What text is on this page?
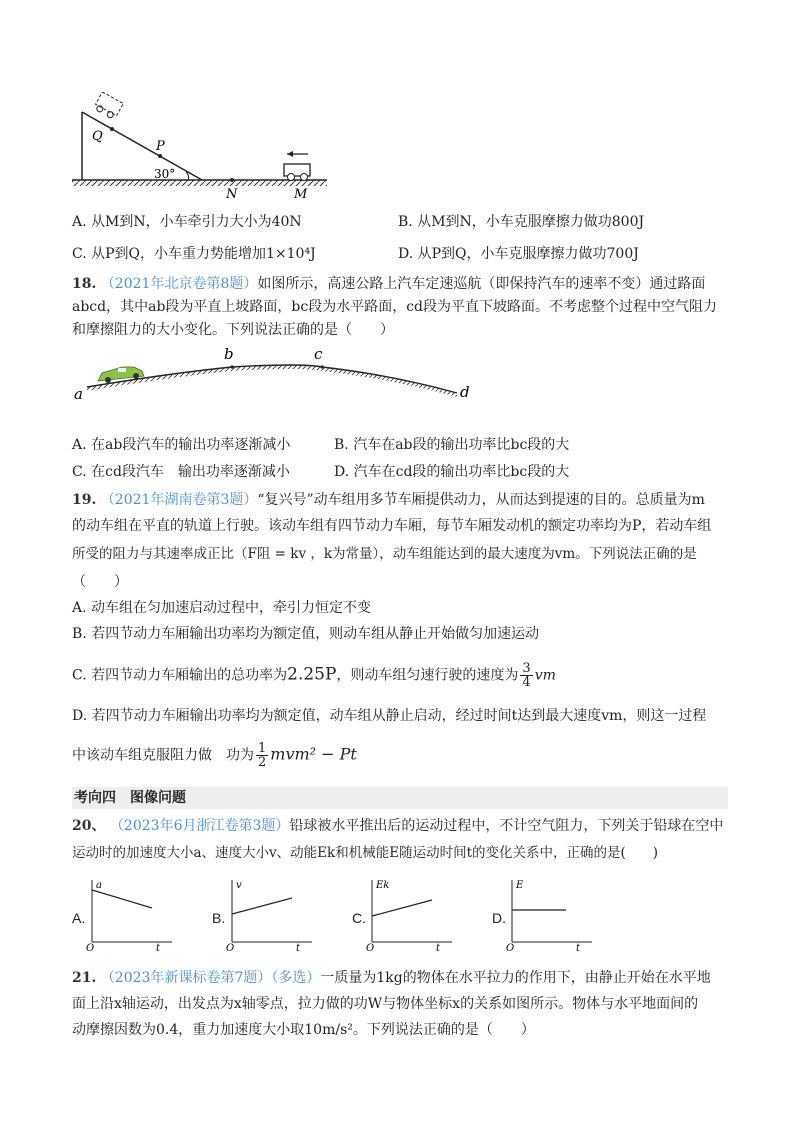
Q
P
30°
N	M
A. 从M到N，小车牵引力大小为40N	B. 从M到N，小车克服摩擦力做功800J
C. 从P到Q，小车重力势能增加1×10⁴J	D. 从P到Q，小车克服摩擦力做功700J
18. （2021年北京卷第8题）如图所示，高速公路上汽车定速巡航（即保持汽车的速率不变）通过路面
abcd，其中ab段为平直上坡路面，bc段为水平路面，cd段为平直下坡路面。不考虑整个过程中空气阻力
和摩擦阻力的大小变化。下列说法正确的是（　　）
a
b	c
d
A. 在ab段汽车的输出功率逐渐减小	B. 汽车在ab段的输出功率比bc段的大
C. 在cd段汽车　输出功率逐渐减小	D. 汽车在cd段的输出功率比bc段的大
19. （2021年湖南卷第3题）“复兴号”动车组用多节车厢提供动力，从而达到提速的目的。总质量为m
的动车组在平直的轨道上行驶。该动车组有四节动力车厢，每节车厢发动机的额定功率均为P，若动车组
所受的阻力与其速率成正比（F阻 = kv ，k为常量），动车组能达到的最大速度为vm。下列说法正确的是
（　　）
A. 动车组在匀加速启动过程中，牵引力恒定不变
B. 若四节动力车厢输出功率均为额定值，则动车组从静止开始做匀加速运动
C. 若四节动力车厢输出的总功率为2.25P，则动车组匀速行驶的速度为 $\frac{3}{4}$ vm
D. 若四节动力车厢输出功率均为额定值，动车组从静止启动，经过时间t达到最大速度vm，则这一过程
中该动车组克服阻力做　功为 $\frac{1}{2} mvm^2 - Pt$
考向四　图像问题
20、 （2023年6月浙江卷第3题）铅球被水平推出后的运动过程中，不计空气阻力，下列关于铅球在空中
运动时的加速度大小a、速度大小v、动能Ek和机械能E随运动时间t的变化关系中，正确的是(　　)
A.
a
O	t
B.
v
O	t
C.
Ek
O	t
D.
E
O	t
21. （2023年新课标卷第7题）（多选）一质量为1kg的物体在水平拉力的作用下，由静止开始在水平地
面上沿x轴运动，出发点为x轴零点，拉力做的功W与物体坐标x的关系如图所示。物体与水平地面间的
动摩擦因数为0.4，重力加速度大小取10m/s²。下列说法正确的是（　　）
